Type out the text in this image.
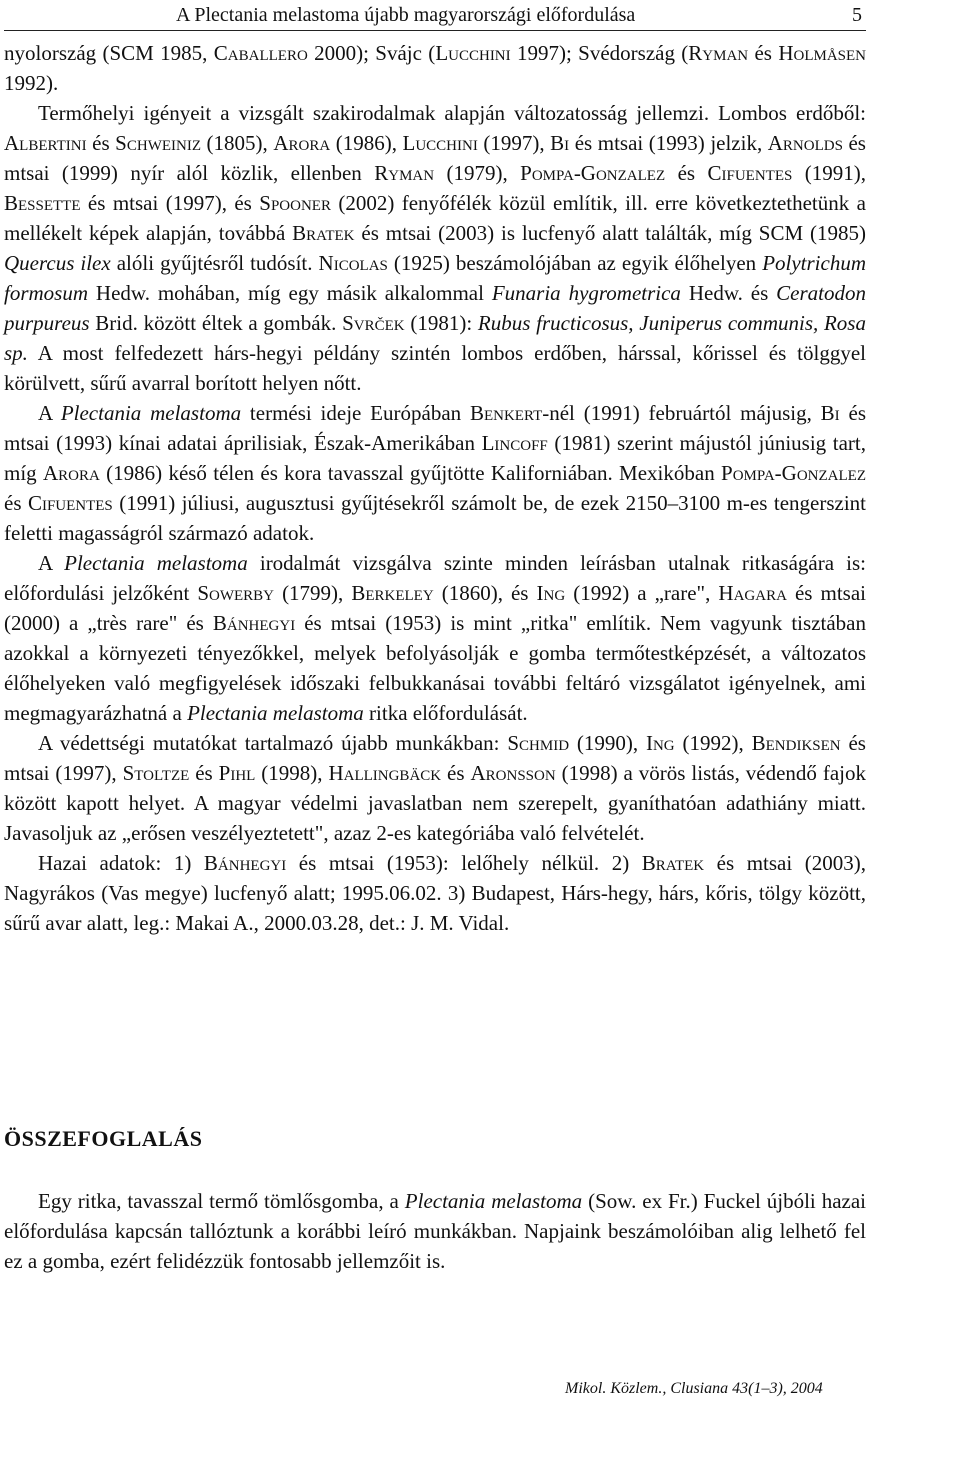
A Plectania melastoma újabb magyarországi előfordulása	5

nyolország (SCM 1985, Caballero 2000); Svájc (Lucchini 1997); Svédország (Ryman és Holmåsen 1992).

Termőhelyi igényeit a vizsgált szakirodalmak alapján változatosság jellemzi. Lombos erdőből: Albertini és Schweiniz (1805), Arora (1986), Lucchini (1997), Bi és mtsai (1993) jelzik, Arnolds és mtsai (1999) nyír alól közlik, ellenben Ryman (1979), Pompa-Gonzalez és Cifuentes (1991), Bessette és mtsai (1997), és Spooner (2002) fenyőfélék közül említik, ill. erre következtethetünk a mellékelt képek alapján, továbbá Bratek és mtsai (2003) is lucfenyő alatt találták, míg SCM (1985) Quercus ilex alóli gyűjtésről tudósít. Nicolas (1925) beszámolójában az egyik élőhelyen Polytrichum formosum Hedw. mohában, míg egy másik alkalommal Funaria hygrometrica Hedw. és Ceratodon purpureus Brid. között éltek a gombák. Svrček (1981): Rubus fructicosus, Juniperus communis, Rosa sp. A most felfedezett hárs-hegyi példány szintén lombos erdőben, hárssal, kőrissel és tölggyel körülvett, sűrű avarral borított helyen nőtt.

A Plectania melastoma termési ideje Európában Benkert-nél (1991) februártól májusig, Bi és mtsai (1993) kínai adatai áprilisiak, Észak-Amerikában Lincoff (1981) szerint májustól júniusig tart, míg Arora (1986) késő télen és kora tavasszal gyűjtötte Kaliforniában. Mexikóban Pompa-Gonzalez és Cifuentes (1991) júliusi, augusztusi gyűjtésekről számolt be, de ezek 2150–3100 m-es tengerszint feletti magasságról származó adatok.

A Plectania melastoma irodalmát vizsgálva szinte minden leírásban utalnak ritkaságára is: előfordulási jelzőként Sowerby (1799), Berkeley (1860), és Ing (1992) a „rare", Hagara és mtsai (2000) a „très rare" és Bánhegyi és mtsai (1953) is mint „ritka" említik. Nem vagyunk tisztában azokkal a környezeti tényezőkkel, melyek befolyásolják e gomba termőtestképzését, a változatos élőhelyeken való megfigyelések időszaki felbukkanásai további feltáró vizsgálatot igényelnek, ami megmagyarázhatná a Plectania melastoma ritka előfordulását.

A védettségi mutatókat tartalmazó újabb munkákban: Schmid (1990), Ing (1992), Bendiksen és mtsai (1997), Stoltze és Pihl (1998), Hallingbäck és Aronsson (1998) a vörös listás, védendő fajok között kapott helyet. A magyar védelmi javaslatban nem szerepelt, gyaníthatóan adathiány miatt. Javasoljuk az „erősen veszélyeztetett", azaz 2-es kategóriába való felvételét.

Hazai adatok: 1) Bánhegyi és mtsai (1953): lelőhely nélkül. 2) Bratek és mtsai (2003), Nagyrákos (Vas megye) lucfenyő alatt; 1995.06.02. 3) Budapest, Hárs-hegy, hárs, kőris, tölgy között, sűrű avar alatt, leg.: Makai A., 2000.03.28, det.: J. M. Vidal.

ÖSSZEFOGLALÁS

Egy ritka, tavasszal termő tömlősgomba, a Plectania melastoma (Sow. ex Fr.) Fuckel újbóli hazai előfordulása kapcsán tallóztunk a korábbi leíró munkákban. Napjaink beszámolóiban alig lelhető fel ez a gomba, ezért felidézzük fontosabb jellemzőit is.

Mikol. Közlem., Clusiana 43(1–3), 2004
